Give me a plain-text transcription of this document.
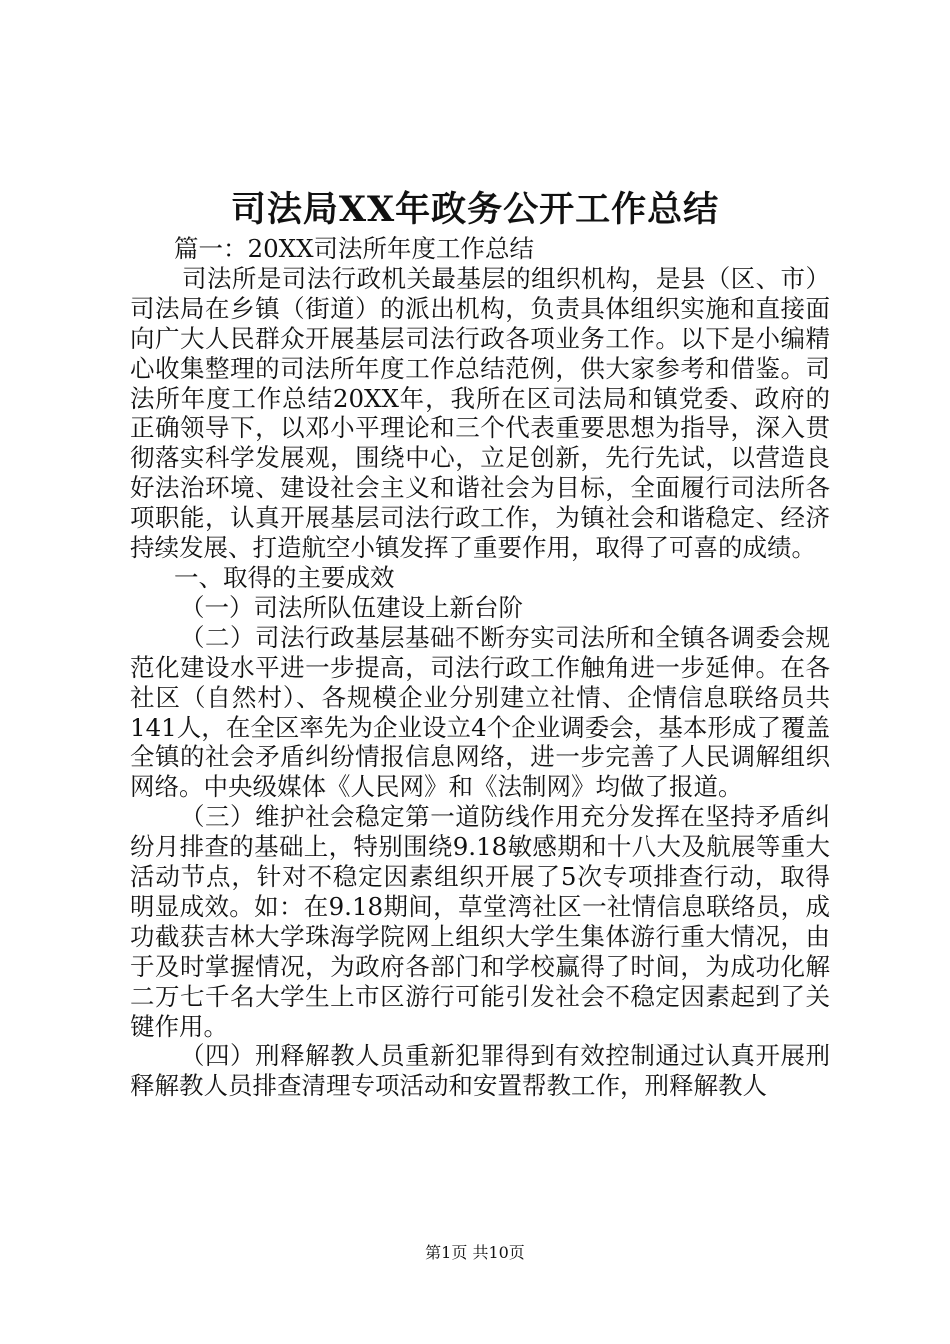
司法局XX年政务公开工作总结

篇一：20XX司法所年度工作总结

司法所是司法行政机关最基层的组织机构，是县（区、市）司法局在乡镇（街道）的派出机构，负责具体组织实施和直接面向广大人民群众开展基层司法行政各项业务工作。以下是小编精心收集整理的司法所年度工作总结范例，供大家参考和借鉴。司法所年度工作总结20XX年，我所在区司法局和镇党委、政府的正确领导下，以邓小平理论和三个代表重要思想为指导，深入贯彻落实科学发展观，围绕中心，立足创新，先行先试，以营造良好法治环境、建设社会主义和谐社会为目标，全面履行司法所各项职能，认真开展基层司法行政工作，为镇社会和谐稳定、经济持续发展、打造航空小镇发挥了重要作用，取得了可喜的成绩。

一、取得的主要成效

（一）司法所队伍建设上新台阶

（二）司法行政基层基础不断夯实司法所和全镇各调委会规范化建设水平进一步提高，司法行政工作触角进一步延伸。在各社区（自然村）、各规模企业分别建立社情、企情信息联络员共141人，在全区率先为企业设立4个企业调委会，基本形成了覆盖全镇的社会矛盾纠纷情报信息网络，进一步完善了人民调解组织网络。中央级媒体《人民网》和《法制网》均做了报道。

（三）维护社会稳定第一道防线作用充分发挥在坚持矛盾纠纷月排查的基础上，特别围绕9.18敏感期和十八大及航展等重大活动节点，针对不稳定因素组织开展了5次专项排查行动，取得明显成效。如：在9.18期间，草堂湾社区一社情信息联络员，成功截获吉林大学珠海学院网上组织大学生集体游行重大情况，由于及时掌握情况，为政府各部门和学校赢得了时间，为成功化解二万七千名大学生上市区游行可能引发社会不稳定因素起到了关键作用。

（四）刑释解教人员重新犯罪得到有效控制通过认真开展刑释解教人员排查清理专项活动和安置帮教工作，刑释解教人

第1页 共10页
